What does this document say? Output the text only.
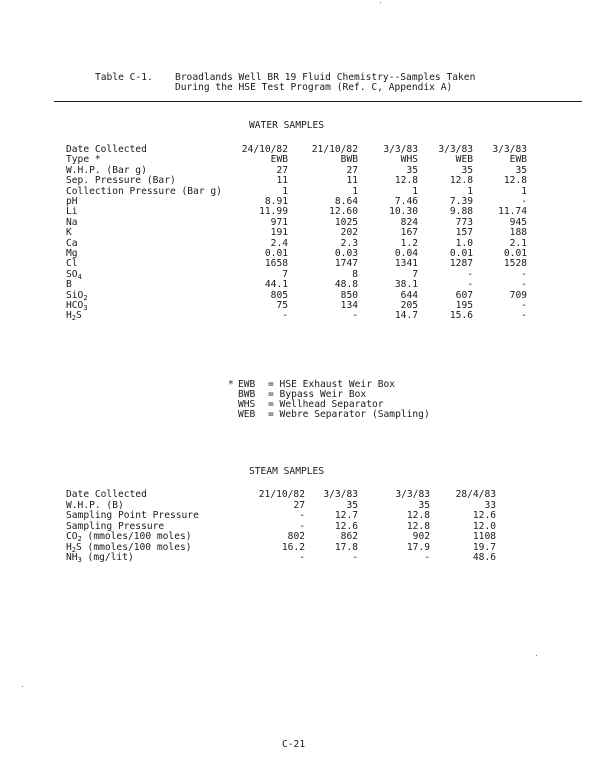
Table C-1. Broadlands Well BR 19 Fluid Chemistry--Samples Taken
During the HSE Test Program (Ref. C, Appendix A)
WATER SAMPLES
Date Collected	24/10/82	21/10/82	3/3/83	3/3/83	3/3/83
Type *	EWB	BWB	WHS	WEB	EWB
W.H.P. (Bar g)	27	27	35	35	35
Sep. Pressure (Bar)	11	11	12.8	12.8	12.8
Collection Pressure (Bar g)	1	1	1	1	1
pH	8.91	8.64	7.46	7.39	-
Li	11.99	12.60	10.30	9.88	11.74
Na	971	1025	824	773	945
K	191	202	167	157	188
Ca	2.4	2.3	1.2	1.0	2.1
Mg	0.01	0.03	0.04	0.01	0.01
Cl	1658	1747	1341	1287	1528
$SO_4$	7	8	7	-	-
B	44.1	48.8	38.1	-	-
SiO$_2$	805	850	644	607	709
$HCO_3$	75	134	205	195	-
$H_2S$	-	-	14.7	15.6	-
* EWB = HSE Exhaust Weir Box
BWB = Bypass Weir Box
WHS = Wellhead Separator
WEB = Webre Separator (Sampling)
STEAM SAMPLES
Date Collected	21/10/82	3/3/83	3/3/83	28/4/83
W.H.P. (B)	27	35	35	33
Sampling Point Pressure	-	12.7	12.8	12.6
Sampling Pressure	-	12.6	12.8	12.0
$CO_2$ (mmoles/100 moles)	802	862	902	1108
$H_2S$ (mmoles/100 moles)	16.2	17.8	17.9	19.7
$NH_3$ (mg/lit)	-	-	-	48.6
C-21
